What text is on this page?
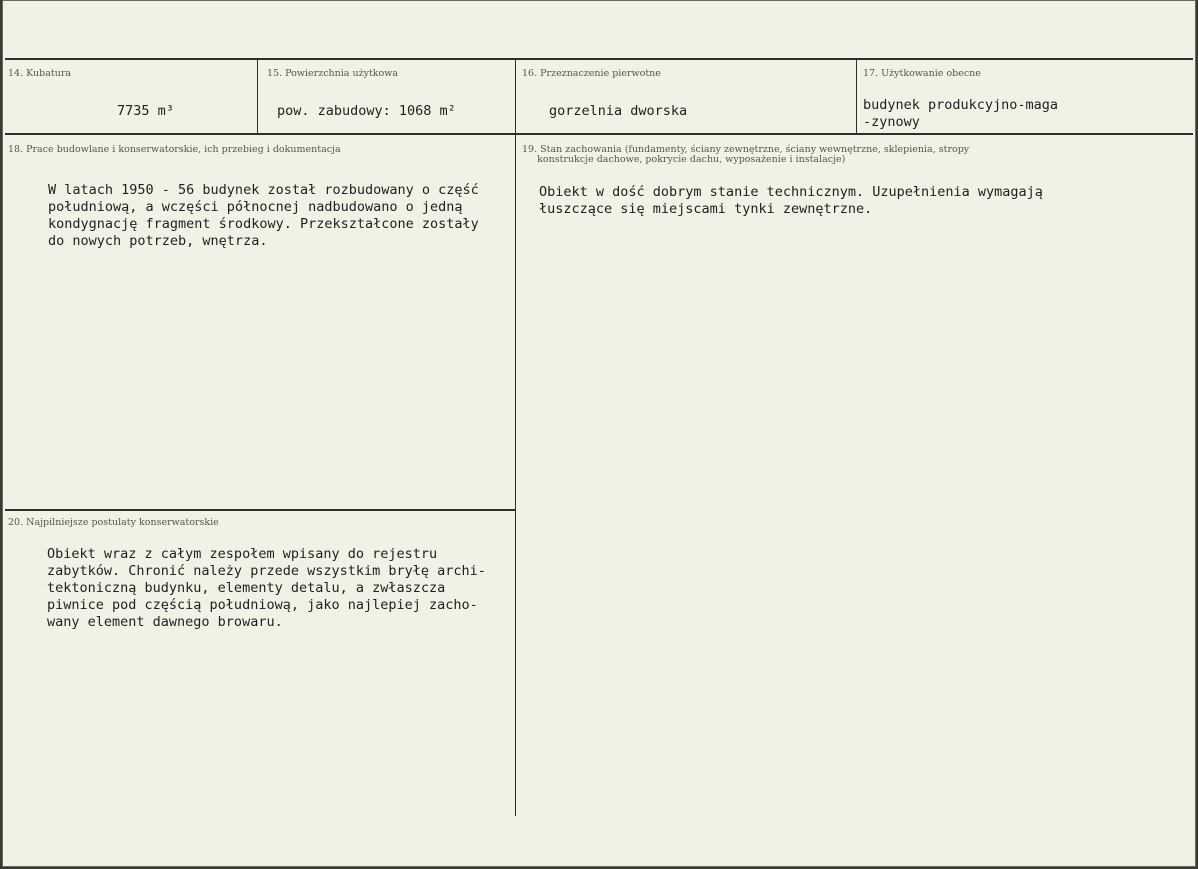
14. Kubatura
7735 m³
15. Powierzchnia użytkowa
pow. zabudowy: 1068 m²
16. Przeznaczenie pierwotne
gorzelnia dworska
17. Użytkowanie obecne
budynek produkcyjno-maga
-zynowy
18. Prace budowlane i konserwatorskie, ich przebieg i dokumentacja
W latach 1950 - 56 budynek został rozbudowany o część
południową, a wczęści północnej nadbudowano o jedną
kondygnację fragment środkowy. Przekształcone zostały
do nowych potrzeb, wnętrza.
19. Stan zachowania (fundamenty, ściany zewnętrzne, ściany wewnętrzne, sklepienia, stropy
konstrukcje dachowe, pokrycie dachu, wyposażenie i instalacje)
Obiekt w dość dobrym stanie technicznym. Uzupełnienia wymagają
łuszczące się miejscami tynki zewnętrzne.
20. Najpilniejsze postulaty konserwatorskie
Obiekt wraz z całym zespołem wpisany do rejestru
zabytków. Chronić należy przede wszystkim bryłę archi-
tektoniczną budynku, elementy detalu, a zwłaszcza
piwnice pod częścią południową, jako najlepiej zacho-
wany element dawnego browaru.
